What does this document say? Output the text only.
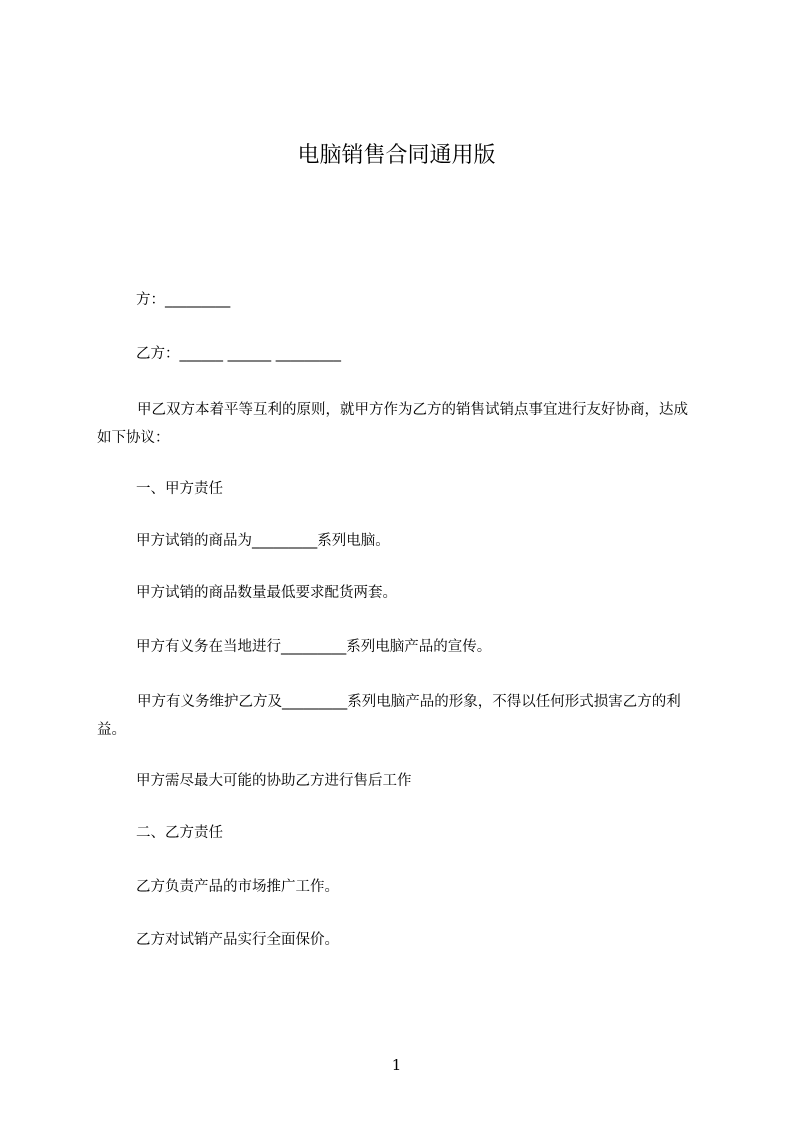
电脑销售合同通用版
方：_________
乙方：______ ______ _________
甲乙双方本着平等互利的原则，就甲方作为乙方的销售试销点事宜进行友好协商，达成如下协议：
一、甲方责任
甲方试销的商品为_________系列电脑。
甲方试销的商品数量最低要求配货两套。
甲方有义务在当地进行_________系列电脑产品的宣传。
甲方有义务维护乙方及_________系列电脑产品的形象，不得以任何形式损害乙方的利益。
甲方需尽最大可能的协助乙方进行售后工作
二、乙方责任
乙方负责产品的市场推广工作。
乙方对试销产品实行全面保价。
1
